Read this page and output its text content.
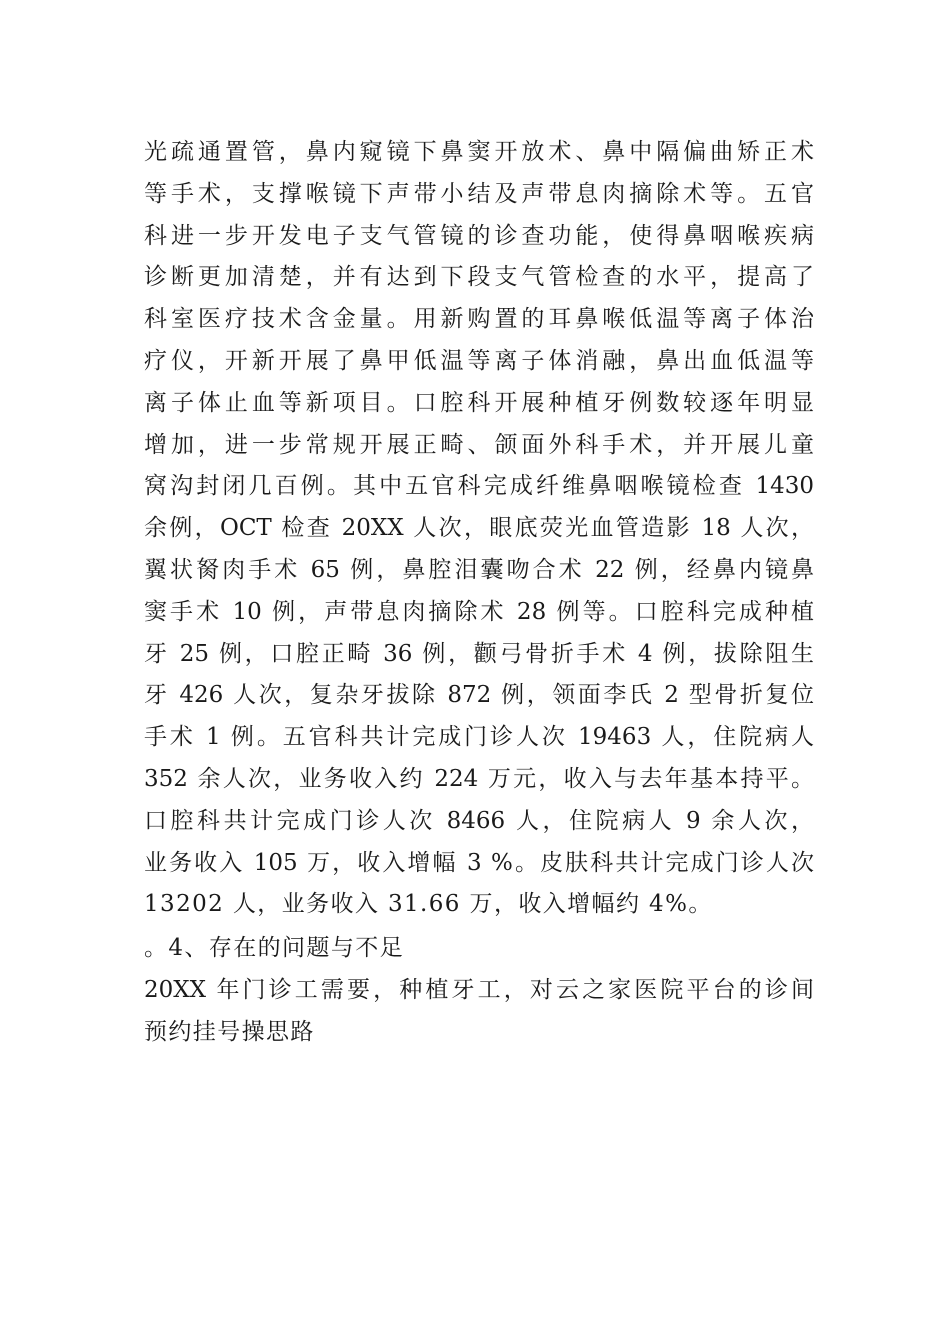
光疏通置管，鼻内窥镜下鼻窦开放术、鼻中隔偏曲矫正术
等手术，支撑喉镜下声带小结及声带息肉摘除术等。五官
科进一步开发电子支气管镜的诊查功能，使得鼻咽喉疾病
诊断更加清楚，并有达到下段支气管检查的水平，提高了
科室医疗技术含金量。用新购置的耳鼻喉低温等离子体治
疗仪，开新开展了鼻甲低温等离子体消融，鼻出血低温等
离子体止血等新项目。口腔科开展种植牙例数较逐年明显
增加，进一步常规开展正畸、颌面外科手术，并开展儿童
窝沟封闭几百例。其中五官科完成纤维鼻咽喉镜检查 1430
余例，OCT 检查 20XX 人次，眼底荧光血管造影 18 人次，
翼状胬肉手术 65 例，鼻腔泪囊吻合术 22 例，经鼻内镜鼻
窦手术 10 例，声带息肉摘除术 28 例等。口腔科完成种植
牙 25 例，口腔正畸 36 例，颧弓骨折手术 4 例，拔除阻生
牙 426 人次，复杂牙拔除 872 例，领面李氏 2 型骨折复位
手术 1 例。五官科共计完成门诊人次 19463 人，住院病人
352 余人次，业务收入约 224 万元，收入与去年基本持平。
口腔科共计完成门诊人次 8466 人，住院病人 9 余人次，
业务收入 105 万，收入增幅 3 %。皮肤科共计完成门诊人次
13202 人，业务收入 31.66 万，收入增幅约 4%。
。4、存在的问题与不足
20XX 年门诊工需要，种植牙工，对云之家医院平台的诊间
预约挂号操思路
